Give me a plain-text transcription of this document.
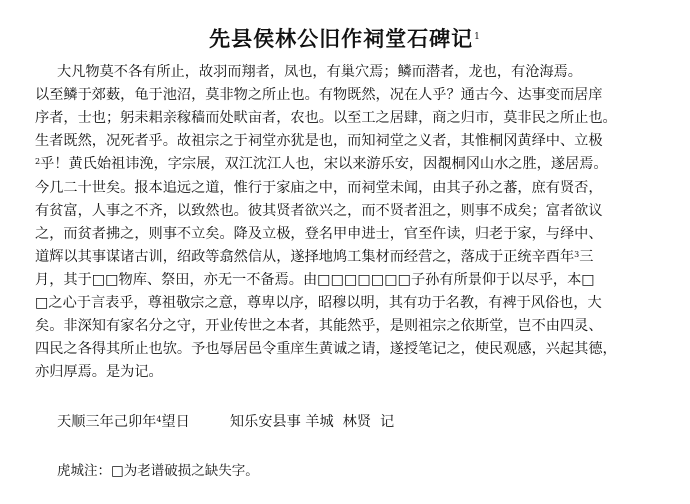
先县侯林公旧作祠堂石碑记$^1$
大凡物莫不各有所止，故羽而翔者，凤也，有巢穴焉；鳞而潜者，龙也，有沧海焉。
以至鳞于郊薮，龟于池沼，莫非物之所止也。有物既然，况在人乎？通古今、达事变而居庠
序者，士也；躬耒耜亲稼穑而处畎亩者，农也。以至工之居肆，商之归市，莫非民之所止也。
生者既然，况死者乎。故祖宗之于祠堂亦犹是也，而知祠堂之义者，其惟桐冈黄绎中、立极
$^2$乎！黄氏始祖讳浼，字宗展，双江沈江人也，宋以来游乐安，因覩桐冈山水之胜，遂居焉。
今几二十世矣。报本追远之道，惟行于家庙之中，而祠堂未闻，由其子孙之蕃，庶有贤否，
有贫富，人事之不齐，以致然也。彼其贤者欲兴之，而不贤者沮之，则事不成矣；富者欲议
之，而贫者拂之，则事不立矣。降及立极，登名甲申进士，官至仵读，归老于家，与绎中、
道辉以其事谋诸古训，绍政等翕然信从，遂择地鸠工集材而经营之，落成于正统辛酉年$^3$三
月，其于□□物库、祭田，亦无一不备焉。由□□□□□□□子孙有所景仰于以尽乎，本□
□之心于言表乎，尊祖敬宗之意，尊卑以序，昭穆以明，其有功于名教，有裨于风俗也，大
矣。非深知有家名分之守，开业传世之本者，其能然乎，是则祖宗之依斯堂，岂不由四灵、
四民之各得其所止也欤。予也辱居邑令重庠生黄诚之请，遂授笔记之，使民观感，兴起其德，
亦归厚焉。是为记。
天顺三年己卯年$^4$望日	知乐安县事 羊城  林贤  记
虎城注：□为老谱破损之缺失字。
